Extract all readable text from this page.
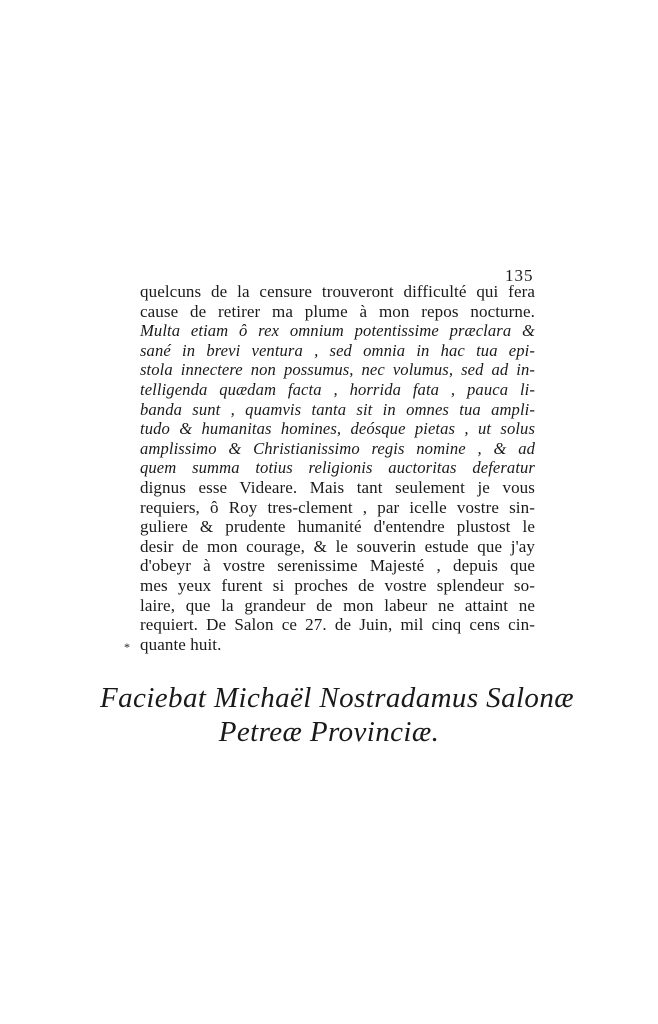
135
*
quelcuns de la censure trouveront difficulté qui fera
cause de retirer ma plume à mon repos nocturne.
Multa etiam ô rex omnium potentissime præclara &
sané in brevi ventura , sed omnia in hac tua epi-
stola innectere non possumus, nec volumus, sed ad in-
telligenda quædam facta , horrida fata , pauca li-
banda sunt , quamvis tanta sit in omnes tua ampli-
tudo & humanitas homines, deósque pietas , ut solus
amplissimo & Christianissimo regis nomine , & ad
quem summa totius religionis auctoritas deferatur
dignus esse Videare. Mais tant seulement je vous
requiers, ô Roy tres-clement , par icelle vostre sin-
guliere & prudente humanité d'entendre plustost le
desir de mon courage, & le souverin estude que j'ay
d'obeyr à vostre serenissime Majesté , depuis que
mes yeux furent si proches de vostre splendeur so-
laire, que la grandeur de mon labeur ne attaint ne
requiert. De Salon ce 27. de Juin, mil cinq cens cin-
quante huit.
Faciebat Michaël Nostradamus Salonæ
Petreæ Provinciæ.
